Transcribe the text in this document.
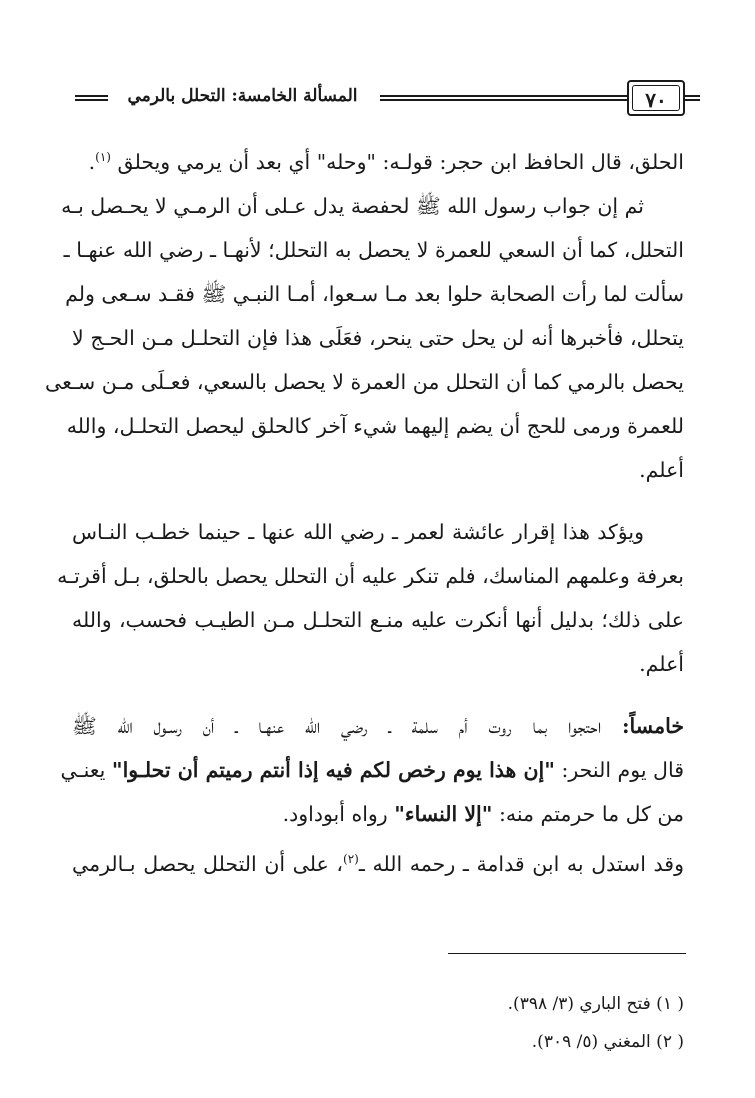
المسألة الخامسة: التحلل بالرمي	٧٠
الحلق، قال الحافظ ابن حجر: قولـه: "وحله" أي بعد أن يرمي ويحلق $^{(١)}$.
ثم إن جواب رسول الله ﷺ لحفصة يدل عـلى أن الرمـي لا يحـصل بـه
التحلل، كما أن السعي للعمرة لا يحصل به التحلل؛ لأنهـا ـ رضي الله عنهـا ـ
سألت لما رأت الصحابة حلوا بعد مـا سـعوا، أمـا النبـي ﷺ فقـد سـعى ولم
يتحلل، فأخبرها أنه لن يحل حتى ينحر، فعَلَى هذا فإن التحلـل مـن الحـج لا
يحصل بالرمي كما أن التحلل من العمرة لا يحصل بالسعي، فعـلَى مـن سـعى
للعمرة ورمى للحج أن يضم إليهما شيء آخر كالحلق ليحصل التحلـل، والله
أعلم.
ويؤكد هذا إقرار عائشة لعمر ـ رضي الله عنها ـ حينما خطـب النـاس
بعرفة وعلمهم المناسك، فلم تنكر عليه أن التحلل يحصل بالحلق، بـل أقرتـه
على ذلك؛ بدليل أنها أنكرت عليه منـع التحلـل مـن الطيـب فحسب، والله
أعلم.
خامساً: احتجوا بما روت أم سلمة ـ رضي الله عنهـا ـ أن رسـول الله ﷺ
قال يوم النحر: "إن هذا يوم رخص لكم فيه إذا أنتم رميتم أن تحلـوا" يعنـي
من كل ما حرمتم منه: "إلا النساء" رواه أبوداود.
وقد استدل به ابن قدامة ـ رحمه الله ـ$^{(٢)}$، على أن التحلل يحصل بـالرمي
( ١) فتح الباري (٣/ ٣٩٨).
( ٢) المغني (٥/ ٣٠٩).
